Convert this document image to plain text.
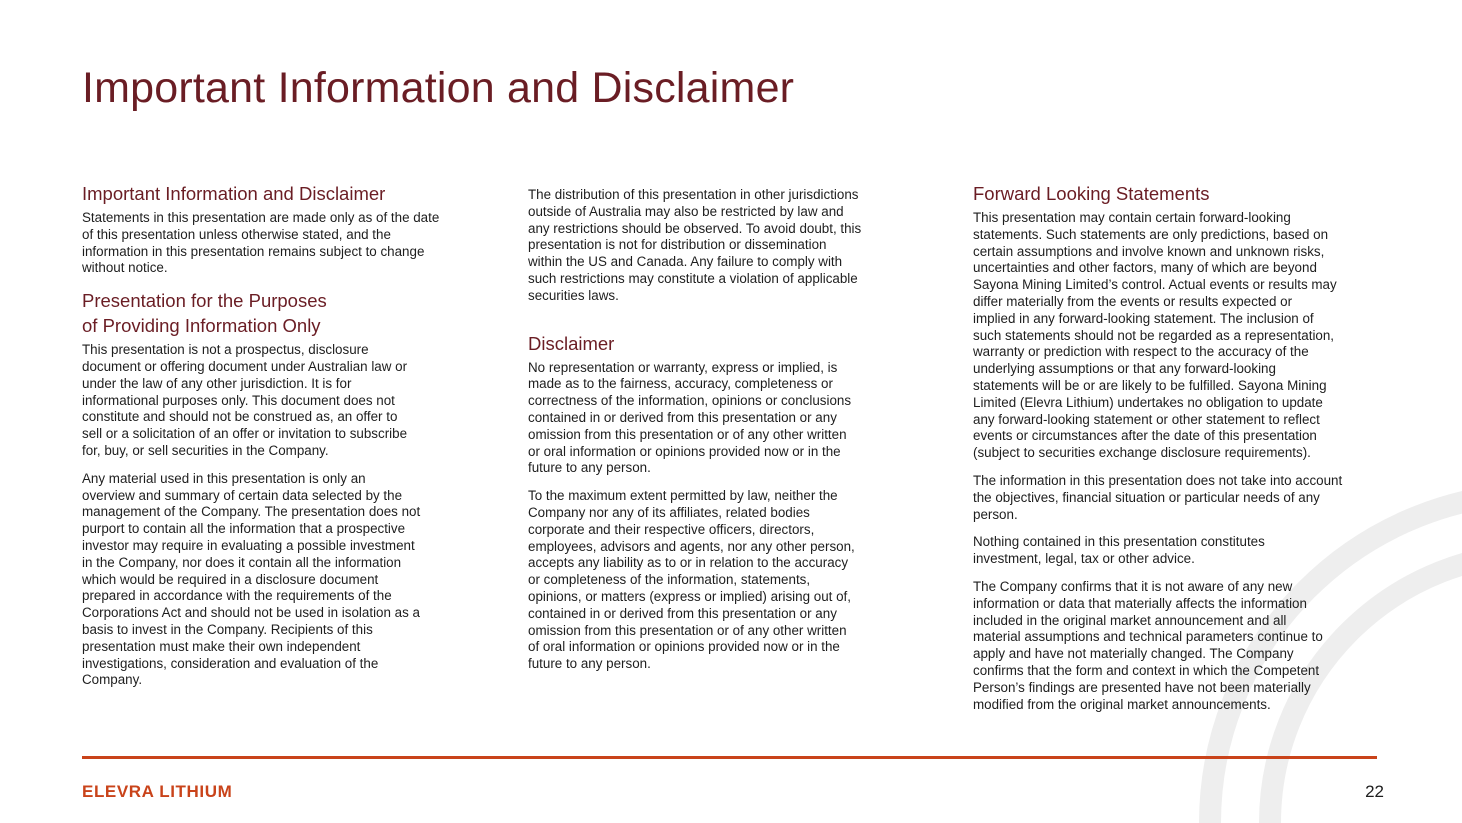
Important Information and Disclaimer
Important Information and Disclaimer

Statements in this presentation are made only as of the date
of this presentation unless otherwise stated, and the
information in this presentation remains subject to change
without notice.

Presentation for the Purposes
of Providing Information Only

This presentation is not a prospectus, disclosure
document or offering document under Australian law or
under the law of any other jurisdiction. It is for
informational purposes only. This document does not
constitute and should not be construed as, an offer to
sell or a solicitation of an offer or invitation to subscribe
for, buy, or sell securities in the Company.

Any material used in this presentation is only an
overview and summary of certain data selected by the
management of the Company. The presentation does not
purport to contain all the information that a prospective
investor may require in evaluating a possible investment
in the Company, nor does it contain all the information
which would be required in a disclosure document
prepared in accordance with the requirements of the
Corporations Act and should not be used in isolation as a
basis to invest in the Company. Recipients of this
presentation must make their own independent
investigations, consideration and evaluation of the
Company.

The distribution of this presentation in other jurisdictions
outside of Australia may also be restricted by law and
any restrictions should be observed. To avoid doubt, this
presentation is not for distribution or dissemination
within the US and Canada. Any failure to comply with
such restrictions may constitute a violation of applicable
securities laws.

Disclaimer

No representation or warranty, express or implied, is
made as to the fairness, accuracy, completeness or
correctness of the information, opinions or conclusions
contained in or derived from this presentation or any
omission from this presentation or of any other written
or oral information or opinions provided now or in the
future to any person.

To the maximum extent permitted by law, neither the
Company nor any of its affiliates, related bodies
corporate and their respective officers, directors,
employees, advisors and agents, nor any other person,
accepts any liability as to or in relation to the accuracy
or completeness of the information, statements,
opinions, or matters (express or implied) arising out of,
contained in or derived from this presentation or any
omission from this presentation or of any other written
of oral information or opinions provided now or in the
future to any person.

Forward Looking Statements

This presentation may contain certain forward-looking
statements. Such statements are only predictions, based on
certain assumptions and involve known and unknown risks,
uncertainties and other factors, many of which are beyond
Sayona Mining Limited’s control. Actual events or results may
differ materially from the events or results expected or
implied in any forward-looking statement. The inclusion of
such statements should not be regarded as a representation,
warranty or prediction with respect to the accuracy of the
underlying assumptions or that any forward-looking
statements will be or are likely to be fulfilled. Sayona Mining
Limited (Elevra Lithium) undertakes no obligation to update
any forward-looking statement or other statement to reflect
events or circumstances after the date of this presentation
(subject to securities exchange disclosure requirements).

The information in this presentation does not take into account
the objectives, financial situation or particular needs of any
person.

Nothing contained in this presentation constitutes
investment, legal, tax or other advice.

The Company confirms that it is not aware of any new
information or data that materially affects the information
included in the original market announcement and all
material assumptions and technical parameters continue to
apply and have not materially changed. The Company
confirms that the form and context in which the Competent
Person’s findings are presented have not been materially
modified from the original market announcements.

ELEVRA LITHIUM	22
